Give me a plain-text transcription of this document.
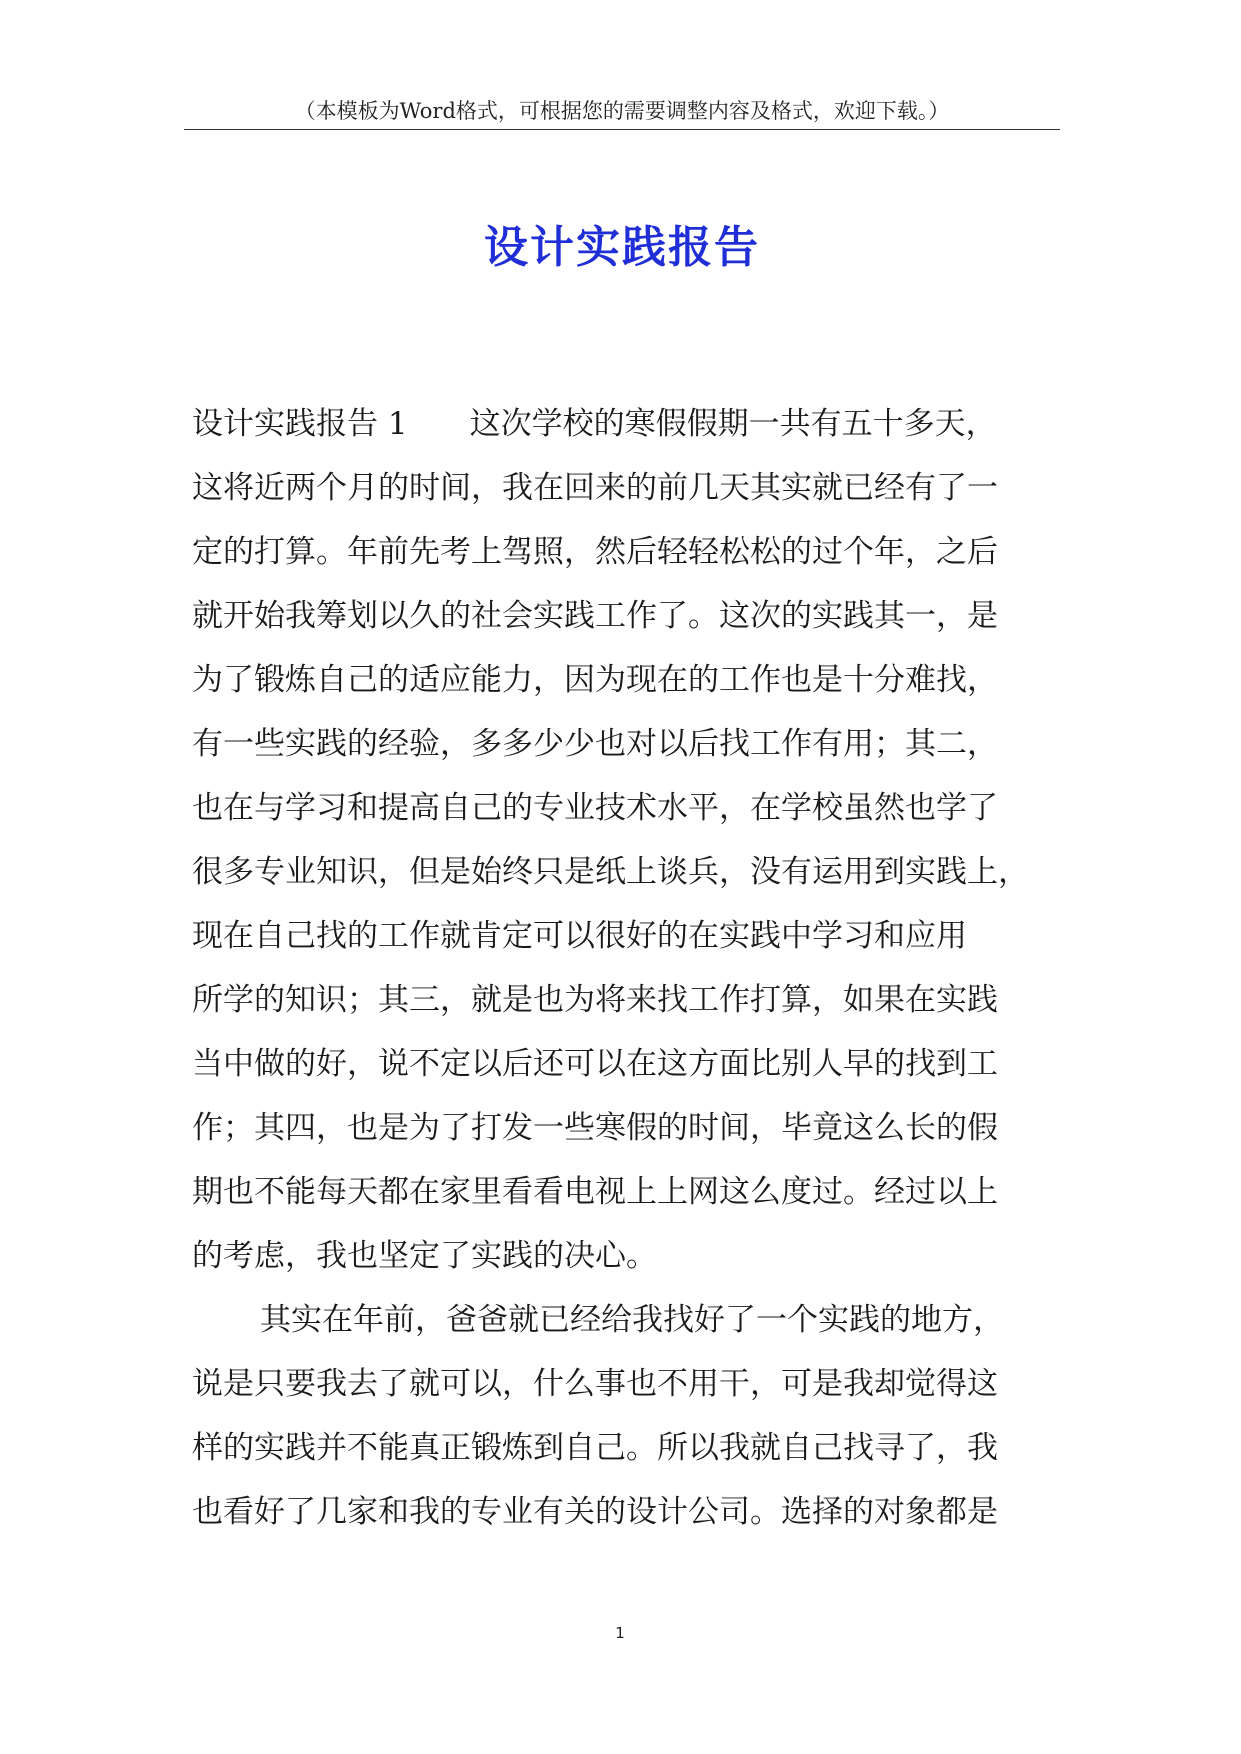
（本模板为Word格式，可根据您的需要调整内容及格式，欢迎下载。）
设计实践报告
设计实践报告 1　　这次学校的寒假假期一共有五十多天，
这将近两个月的时间，我在回来的前几天其实就已经有了一
定的打算。年前先考上驾照，然后轻轻松松的过个年，之后
就开始我筹划以久的社会实践工作了。这次的实践其一，是
为了锻炼自己的适应能力，因为现在的工作也是十分难找，
有一些实践的经验，多多少少也对以后找工作有用；其二，
也在与学习和提高自己的专业技术水平，在学校虽然也学了
很多专业知识，但是始终只是纸上谈兵，没有运用到实践上，
现在自己找的工作就肯定可以很好的在实践中学习和应用
所学的知识；其三，就是也为将来找工作打算，如果在实践
当中做的好，说不定以后还可以在这方面比别人早的找到工
作；其四，也是为了打发一些寒假的时间，毕竟这么长的假
期也不能每天都在家里看看电视上上网这么度过。经过以上
的考虑，我也坚定了实践的决心。
其实在年前，爸爸就已经给我找好了一个实践的地方，
说是只要我去了就可以，什么事也不用干，可是我却觉得这
样的实践并不能真正锻炼到自己。所以我就自己找寻了，我
也看好了几家和我的专业有关的设计公司。选择的对象都是
1
